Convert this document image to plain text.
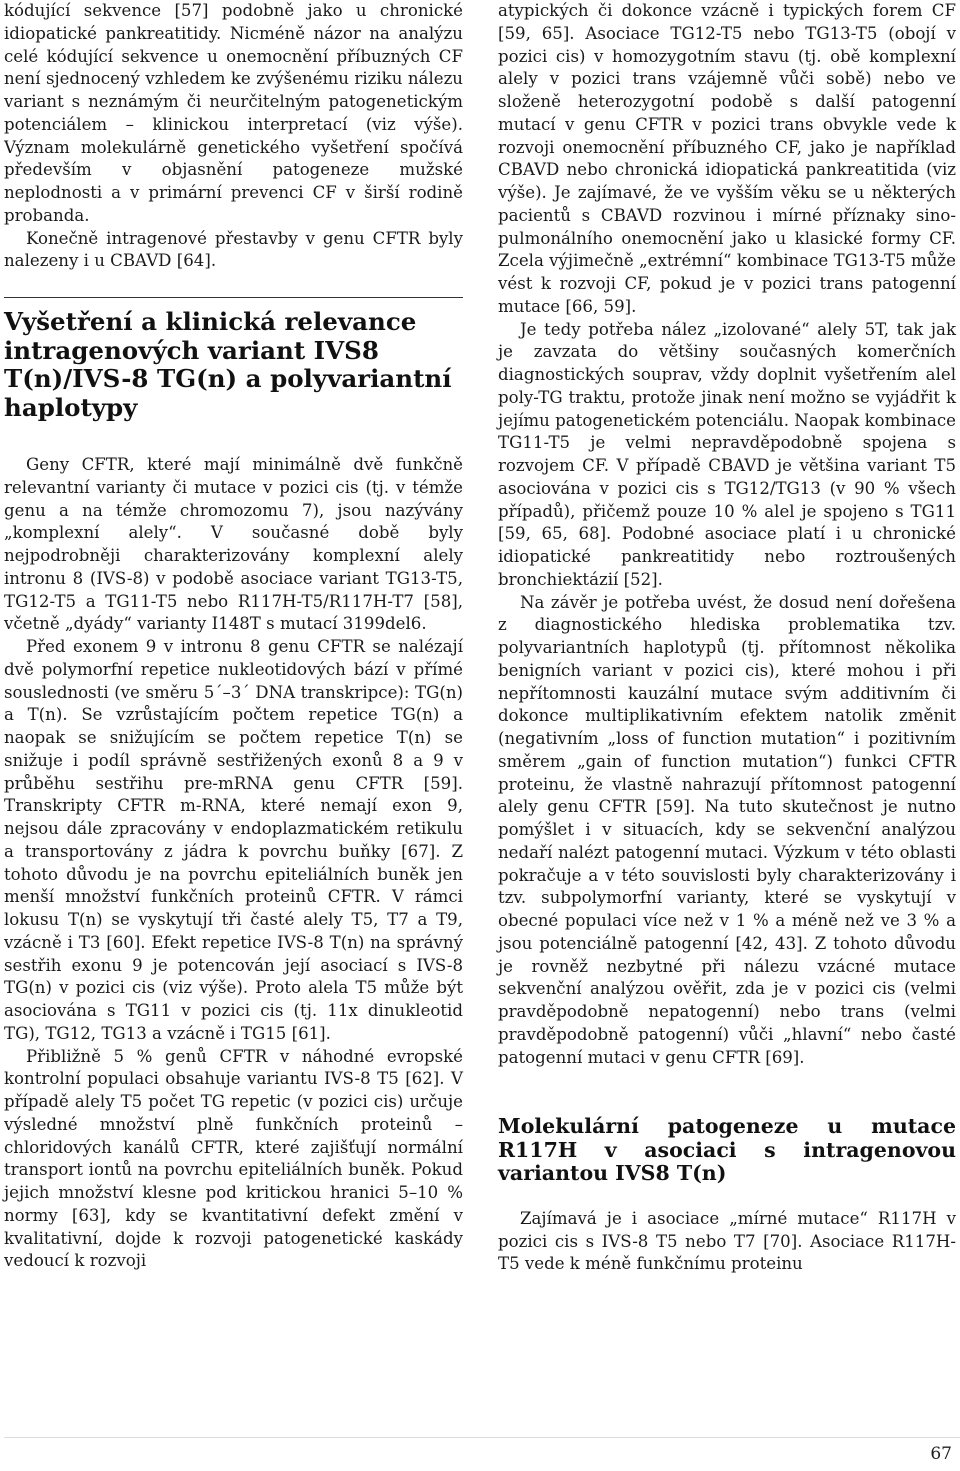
kódující sekvence [57] podobně jako u chronické idiopatické pankreatitidy. Nicméně názor na analýzu celé kódující sekvence u onemocnění příbuzných CF není sjednocený vzhledem ke zvýšenému riziku nálezu variant s neznámým či neurčitelným patogenetickým potenciálem – klinickou interpretací (viz výše). Význam molekulárně genetického vyšetření spočívá především v objasnění patogeneze mužské neplodnosti a v primární prevenci CF v širší rodině probanda.

Konečně intragenové přestavby v genu CFTR byly nalezeny i u CBAVD [64].

Vyšetření a klinická relevance intragenových variant IVS8 T(n)/IVS-8 TG(n) a polyvariantní haplotypy

Geny CFTR, které mají minimálně dvě funkčně relevantní varianty či mutace v pozici cis (tj. v témže genu a na témže chromozomu 7), jsou nazývány „komplexní alely“. V současné době byly nejpodrobněji charakterizovány komplexní alely intronu 8 (IVS-8) v podobě asociace variant TG13-T5, TG12-T5 a TG11-T5 nebo R117H-T5/R117H-T7 [58], včetně „dyády“ varianty I148T s mutací 3199del6.

Před exonem 9 v intronu 8 genu CFTR se nalézají dvě polymorfní repetice nukleotidových bází v přímé souslednosti (ve směru 5´–3´ DNA transkripce): TG(n) a T(n). Se vzrůstajícím počtem repetice TG(n) a naopak se snižujícím se počtem repetice T(n) se snižuje i podíl správně sestřižených exonů 8 a 9 v průběhu sestřihu pre-mRNA genu CFTR [59]. Transkripty CFTR m-RNA, které nemají exon 9, nejsou dále zpracovány v endoplazmatickém retikulu a transportovány z jádra k povrchu buňky [67]. Z tohoto důvodu je na povrchu epiteliálních buněk jen menší množství funkčních proteinů CFTR. V rámci lokusu T(n) se vyskytují tři časté alely T5, T7 a T9, vzácně i T3 [60]. Efekt repetice IVS-8 T(n) na správný sestřih exonu 9 je potencován její asociací s IVS-8 TG(n) v pozici cis (viz výše). Proto alela T5 může být asociována s TG11 v pozici cis (tj. 11x dinukleotid TG), TG12, TG13 a vzácně i TG15 [61].

Přibližně 5 % genů CFTR v náhodné evropské kontrolní populaci obsahuje variantu IVS-8 T5 [62]. V případě alely T5 počet TG repetic (v pozici cis) určuje výsledné množství plně funkčních proteinů – chloridových kanálů CFTR, které zajišťují normální transport iontů na povrchu epiteliálních buněk. Pokud jejich množství klesne pod kritickou hranici 5–10 % normy [63], kdy se kvantitativní defekt změní v kvalitativní, dojde k rozvoji patogenetické kaskády vedoucí k rozvoji

atypických či dokonce vzácně i typických forem CF [59, 65]. Asociace TG12-T5 nebo TG13-T5 (obojí v pozici cis) v homozygotním stavu (tj. obě komplexní alely v pozici trans vzájemně vůči sobě) nebo ve složeně heterozygotní podobě s další patogenní mutací v genu CFTR v pozici trans obvykle vede k rozvoji onemocnění příbuzného CF, jako je například CBAVD nebo chronická idiopatická pankreatitida (viz výše). Je zajímavé, že ve vyšším věku se u některých pacientů s CBAVD rozvinou i mírné příznaky sino-pulmonálního onemocnění jako u klasické formy CF. Zcela výjimečně „extrémní“ kombinace TG13-T5 může vést k rozvoji CF, pokud je v pozici trans patogenní mutace [66, 59].

Je tedy potřeba nález „izolované“ alely 5T, tak jak je zavzata do většiny současných komerčních diagnostických souprav, vždy doplnit vyšetřením alel poly-TG traktu, protože jinak není možno se vyjádřit k jejímu patogenetickém potenciálu. Naopak kombinace TG11-T5 je velmi nepravděpodobně spojena s rozvojem CF. V případě CBAVD je většina variant T5 asociována v pozici cis s TG12/TG13 (v 90 % všech případů), přičemž pouze 10 % alel je spojeno s TG11 [59, 65, 68]. Podobné asociace platí i u chronické idiopatické pankreatitidy nebo roztroušených bronchiektázií [52].

Na závěr je potřeba uvést, že dosud není dořešena z diagnostického hlediska problematika tzv. polyvariantních haplotypů (tj. přítomnost několika benigních variant v pozici cis), které mohou i při nepřítomnosti kauzální mutace svým additivním či dokonce multiplikativním efektem natolik změnit (negativním „loss of function mutation“ i pozitivním směrem „gain of function mutation“) funkci CFTR proteinu, že vlastně nahrazují přítomnost patogenní alely genu CFTR [59]. Na tuto skutečnost je nutno pomýšlet i v situacích, kdy se sekvenční analýzou nedaří nalézt patogenní mutaci. Výzkum v této oblasti pokračuje a v této souvislosti byly charakterizovány i tzv. subpolymorfní varianty, které se vyskytují v obecné populaci více než v 1 % a méně než ve 3 % a jsou potenciálně patogenní [42, 43]. Z tohoto důvodu je rovněž nezbytné při nálezu vzácné mutace sekvenční analýzou ověřit, zda je v pozici cis (velmi pravděpodobně nepatogenní) nebo trans (velmi pravděpodobně patogenní) vůči „hlavní“ nebo časté patogenní mutaci v genu CFTR [69].

Molekulární patogeneze u mutace R117H v asociaci s intragenovou variantou IVS8 T(n)

Zajímavá je i asociace „mírné mutace“ R117H v pozici cis s IVS-8 T5 nebo T7 [70]. Asociace R117H-T5 vede k méně funkčnímu proteinu

67
